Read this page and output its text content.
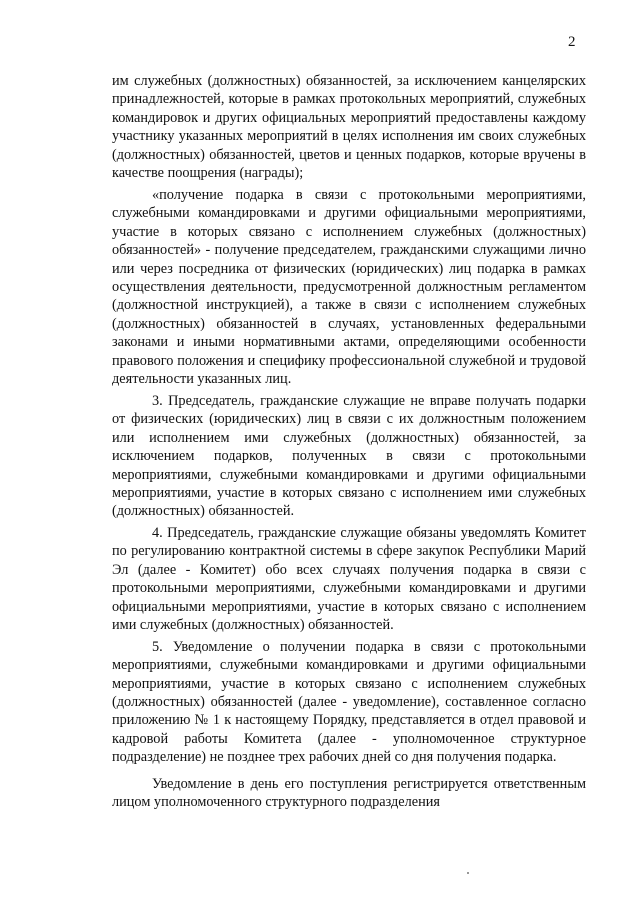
2

им служебных (должностных) обязанностей, за исключением канцелярских принадлежностей, которые в рамках протокольных мероприятий, служебных командировок и других официальных мероприятий предоставлены каждому участнику указанных мероприятий в целях исполнения им своих служебных (должностных) обязанностей, цветов и ценных подарков, которые вручены в качестве поощрения (награды);

«получение подарка в связи с протокольными мероприятиями, служебными командировками и другими официальными мероприятиями, участие в которых связано с исполнением служебных (должностных) обязанностей» - получение председателем, гражданскими служащими лично или через посредника от физических (юридических) лиц подарка в рамках осуществления деятельности, предусмотренной должностным регламентом (должностной инструкцией), а также в связи с исполнением служебных (должностных) обязанностей в случаях, установленных федеральными законами и иными нормативными актами, определяющими особенности правового положения и специфику профессиональной служебной и трудовой деятельности указанных лиц.

3. Председатель, гражданские служащие не вправе получать подарки от физических (юридических) лиц в связи с их должностным положением или исполнением ими служебных (должностных) обязанностей, за исключением подарков, полученных в связи с протокольными мероприятиями, служебными командировками и другими официальными мероприятиями, участие в которых связано с исполнением ими служебных (должностных) обязанностей.

4. Председатель, гражданские служащие обязаны уведомлять Комитет по регулированию контрактной системы в сфере закупок Республики Марий Эл (далее - Комитет) обо всех случаях получения подарка в связи с протокольными мероприятиями, служебными командировками и другими официальными мероприятиями, участие в которых связано с исполнением ими служебных (должностных) обязанностей.

5. Уведомление о получении подарка в связи с протокольными мероприятиями, служебными командировками и другими официальными мероприятиями, участие в которых связано с исполнением служебных (должностных) обязанностей (далее - уведомление), составленное согласно приложению № 1 к настоящему Порядку, представляется в отдел правовой и кадровой работы Комитета (далее - уполномоченное структурное подразделение) не позднее трех рабочих дней со дня получения подарка.

Уведомление в день его поступления регистрируется ответственным лицом уполномоченного структурного подразделения
